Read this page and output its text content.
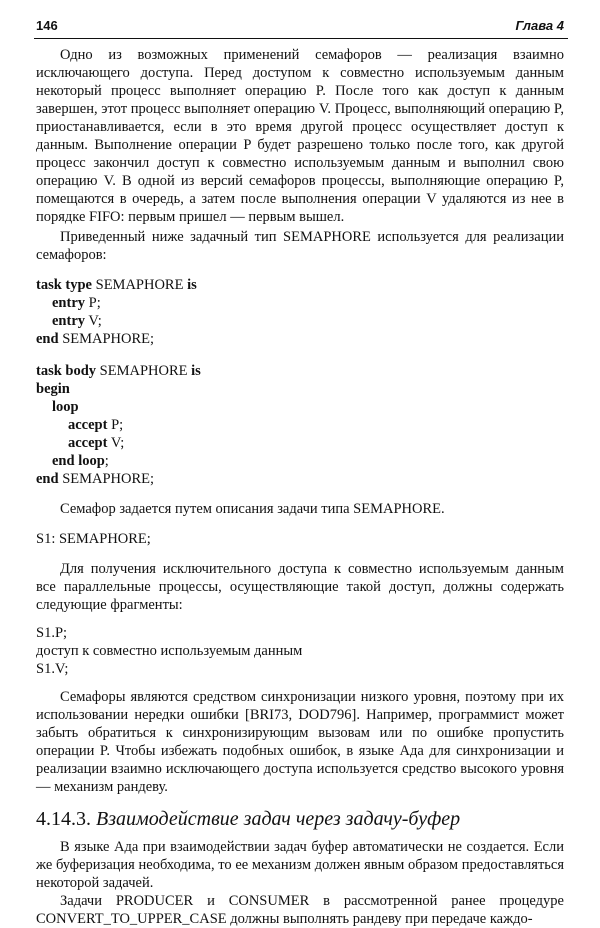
146	Глава 4

Одно из возможных применений семафоров — реализация взаимно исключающего доступа. Перед доступом к совместно используемым данным некоторый процесс выполняет операцию P. После того как доступ к данным завершен, этот процесс выполняет операцию V. Процесс, выполняющий операцию P, приостанавливается, если в это время другой процесс осуществляет доступ к данным. Выполнение операции P будет разрешено только после того, как другой процесс закончил доступ к совместно используемым данным и выполнил свою операцию V. В одной из версий семафоров процессы, выполняющие операцию P, помещаются в очередь, а затем после выполнения операции V удаляются из нее в порядке FIFO: первым пришел — первым вышел.

Приведенный ниже задачный тип SEMAPHORE используется для реализации семафоров:

task type SEMAPHORE is
entry P;
entry V;
end SEMAPHORE;
task body SEMAPHORE is
begin
loop
accept P;
accept V;
end loop;
end SEMAPHORE;

Семафор задается путем описания задачи типа SEMAPHORE.

S1: SEMAPHORE;

Для получения исключительного доступа к совместно используемым данным все параллельные процессы, осуществляющие такой доступ, должны содержать следующие фрагменты:

S1.P;
доступ к совместно используемым данным
S1.V;

Семафоры являются средством синхронизации низкого уровня, поэтому при их использовании нередки ошибки [BRI73, DOD796]. Например, программист может забыть обратиться к синхронизирующим вызовам или по ошибке пропустить операции P. Чтобы избежать подобных ошибок, в языке Ада для синхронизации и реализации взаимно исключающего доступа используется средство высокого уровня — механизм рандеву.

4.14.3. Взаимодействие задач через задачу-буфер

В языке Ада при взаимодействии задач буфер автоматически не создается. Если же буферизация необходима, то ее механизм должен явным образом предоставляться некоторой задачей.

Задачи PRODUCER и CONSUMER в рассмотренной ранее процедуре CONVERT_TO_UPPER_CASE должны выполнять рандеву при передаче каждо-
